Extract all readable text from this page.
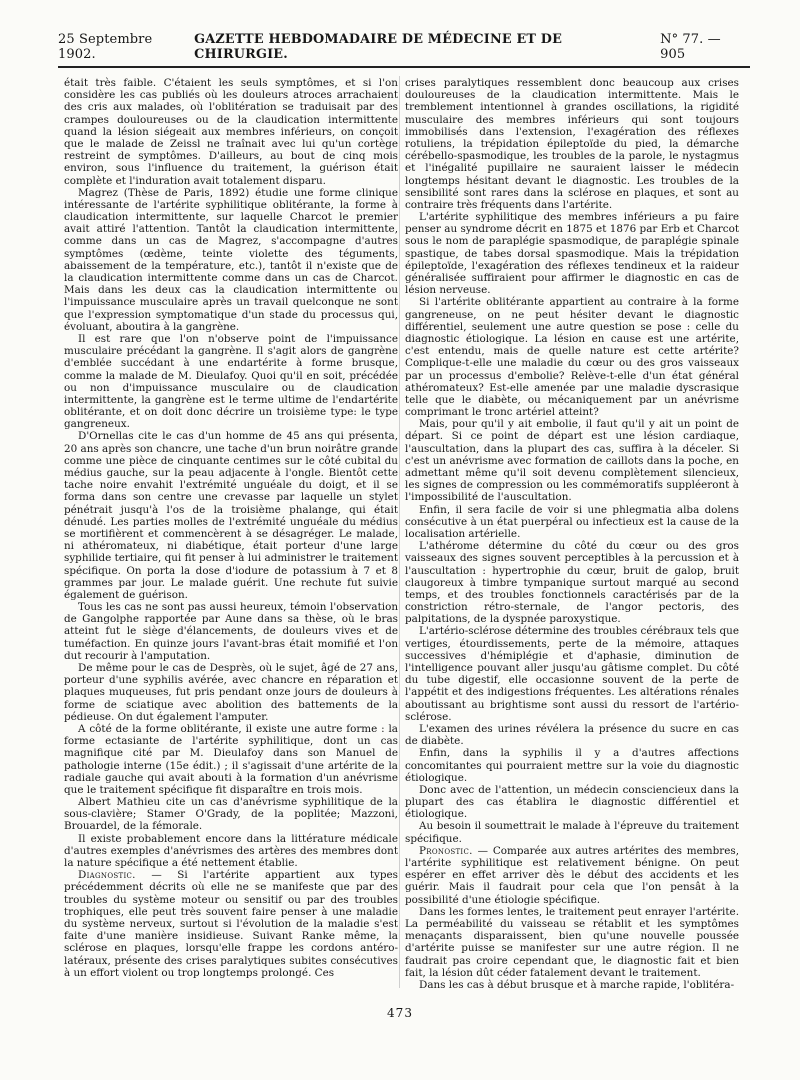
25 Septembre 1902.
GAZETTE HEBDOMADAIRE DE MÉDECINE ET DE CHIRURGIE.
N° 77. — 905

était très faible. C'étaient les seuls symptômes, et si l'on considère les cas publiés où les douleurs atroces arrachaient des cris aux malades, où l'oblitération se traduisait par des crampes douloureuses ou de la claudication intermittente quand la lésion siégeait aux membres inférieurs, on conçoit que le malade de Zeissl ne traînait avec lui qu'un cortège restreint de symptômes. D'ailleurs, au bout de cinq mois environ, sous l'influence du traitement, la guérison était complète et l'induration avait totalement disparu.

Magrez (Thèse de Paris, 1892) étudie une forme clinique intéressante de l'artérite syphilitique oblitérante, la forme à claudication intermittente, sur laquelle Charcot le premier avait attiré l'attention. Tantôt la claudication intermittente, comme dans un cas de Magrez, s'accompagne d'autres symptômes (œdème, teinte violette des téguments, abaissement de la température, etc.), tantôt il n'existe que de la claudication intermittente comme dans un cas de Charcot. Mais dans les deux cas la claudication intermittente ou l'impuissance musculaire après un travail quelconque ne sont que l'expression symptomatique d'un stade du processus qui, évoluant, aboutira à la gangrène.

Il est rare que l'on n'observe point de l'impuissance musculaire précédant la gangrène. Il s'agit alors de gangrène d'emblée succédant à une endartérite à forme brusque, comme la malade de M. Dieulafoy. Quoi qu'il en soit, précédée ou non d'impuissance musculaire ou de claudication intermittente, la gangrène est le terme ultime de l'endartérite oblitérante, et on doit donc décrire un troisième type: le type gangreneux.

D'Ornellas cite le cas d'un homme de 45 ans qui présenta, 20 ans après son chancre, une tache d'un brun noirâtre grande comme une pièce de cinquante centimes sur le côté cubital du médius gauche, sur la peau adjacente à l'ongle. Bientôt cette tache noire envahit l'extrémité unguéale du doigt, et il se forma dans son centre une crevasse par laquelle un stylet pénétrait jusqu'à l'os de la troisième phalange, qui était dénudé. Les parties molles de l'extrémité unguéale du médius se mortifièrent et commencèrent à se désagréger. Le malade, ni athéromateux, ni diabétique, était porteur d'une large syphilide tertiaire, qui fit penser à lui administrer le traitement spécifique. On porta la dose d'iodure de potassium à 7 et 8 grammes par jour. Le malade guérit. Une rechute fut suivie également de guérison.

Tous les cas ne sont pas aussi heureux, témoin l'observation de Gangolphe rapportée par Aune dans sa thèse, où le bras atteint fut le siège d'élancements, de douleurs vives et de tuméfaction. En quinze jours l'avant-bras était momifié et l'on dut recourir à l'amputation.

De même pour le cas de Desprès, où le sujet, âgé de 27 ans, porteur d'une syphilis avérée, avec chancre en réparation et plaques muqueuses, fut pris pendant onze jours de douleurs à forme de sciatique avec abolition des battements de la pédieuse. On dut également l'amputer.

A côté de la forme oblitérante, il existe une autre forme : la forme ectasiante de l'artérite syphilitique, dont un cas magnifique cité par M. Dieulafoy dans son Manuel de pathologie interne (15e édit.) ; il s'agissait d'une artérite de la radiale gauche qui avait abouti à la formation d'un anévrisme que le traitement spécifique fit disparaître en trois mois.

Albert Mathieu cite un cas d'anévrisme syphilitique de la sous-clavière; Stamer O'Grady, de la poplitée; Mazzoni, Brouardel, de la fémorale.

Il existe probablement encore dans la littérature médicale d'autres exemples d'anévrismes des artères des membres dont la nature spécifique a été nettement établie.

Diagnostic. — Si l'artérite appartient aux types précédemment décrits où elle ne se manifeste que par des troubles du système moteur ou sensitif ou par des troubles trophiques, elle peut très souvent faire penser à une maladie du système nerveux, surtout si l'évolution de la maladie s'est faite d'une manière insidieuse. Suivant Ranke même, la sclérose en plaques, lorsqu'elle frappe les cordons antéro-latéraux, présente des crises paralytiques subites consécutives à un effort violent ou trop longtemps prolongé. Ces

crises paralytiques ressemblent donc beaucoup aux crises douloureuses de la claudication intermittente. Mais le tremblement intentionnel à grandes oscillations, la rigidité musculaire des membres inférieurs qui sont toujours immobilisés dans l'extension, l'exagération des réflexes rotuliens, la trépidation épileptoïde du pied, la démarche cérébello-spasmodique, les troubles de la parole, le nystagmus et l'inégalité pupillaire ne sauraient laisser le médecin longtemps hésitant devant le diagnostic. Les troubles de la sensibilité sont rares dans la sclérose en plaques, et sont au contraire très fréquents dans l'artérite.

L'artérite syphilitique des membres inférieurs a pu faire penser au syndrome décrit en 1875 et 1876 par Erb et Charcot sous le nom de paraplégie spasmodique, de paraplégie spinale spastique, de tabes dorsal spasmodique. Mais la trépidation épileptoïde, l'exagération des réflexes tendineux et la raideur généralisée suffiraient pour affirmer le diagnostic en cas de lésion nerveuse.

Si l'artérite oblitérante appartient au contraire à la forme gangreneuse, on ne peut hésiter devant le diagnostic différentiel, seulement une autre question se pose : celle du diagnostic étiologique. La lésion en cause est une artérite, c'est entendu, mais de quelle nature est cette artérite? Complique-t-elle une maladie du cœur ou des gros vaisseaux par un processus d'embolie? Relève-t-elle d'un état général athéromateux? Est-elle amenée par une maladie dyscrasique telle que le diabète, ou mécaniquement par un anévrisme comprimant le tronc artériel atteint?

Mais, pour qu'il y ait embolie, il faut qu'il y ait un point de départ. Si ce point de départ est une lésion cardiaque, l'auscultation, dans la plupart des cas, suffira à la déceler. Si c'est un anévrisme avec formation de caillots dans la poche, en admettant même qu'il soit devenu complètement silencieux, les signes de compression ou les commémoratifs suppléeront à l'impossibilité de l'auscultation.

Enfin, il sera facile de voir si une phlegmatia alba dolens consécutive à un état puerpéral ou infectieux est la cause de la localisation artérielle.

L'athérome détermine du côté du cœur ou des gros vaisseaux des signes souvent perceptibles à la percussion et à l'auscultation : hypertrophie du cœur, bruit de galop, bruit claugoreux à timbre tympanique surtout marqué au second temps, et des troubles fonctionnels caractérisés par de la constriction rétro-sternale, de l'angor pectoris, des palpitations, de la dyspnée paroxystique.

L'artério-sclérose détermine des troubles cérébraux tels que vertiges, étourdissements, perte de la mémoire, attaques successives d'hémiplégie et d'aphasie, diminution de l'intelligence pouvant aller jusqu'au gâtisme complet. Du côté du tube digestif, elle occasionne souvent de la perte de l'appétit et des indigestions fréquentes. Les altérations rénales aboutissant au brightisme sont aussi du ressort de l'artério-sclérose.

L'examen des urines révélera la présence du sucre en cas de diabète.

Enfin, dans la syphilis il y a d'autres affections concomitantes qui pourraient mettre sur la voie du diagnostic étiologique.

Donc avec de l'attention, un médecin consciencieux dans la plupart des cas établira le diagnostic différentiel et étiologique.

Au besoin il soumettrait le malade à l'épreuve du traitement spécifique.

Pronostic. — Comparée aux autres artérites des membres, l'artérite syphilitique est relativement bénigne. On peut espérer en effet arriver dès le début des accidents et les guérir. Mais il faudrait pour cela que l'on pensât à la possibilité d'une étiologie spécifique.

Dans les formes lentes, le traitement peut enrayer l'artérite. La perméabilité du vaisseau se rétablit et les symptômes menaçants disparaissent, bien qu'une nouvelle poussée d'artérite puisse se manifester sur une autre région. Il ne faudrait pas croire cependant que, le diagnostic fait et bien fait, la lésion dût céder fatalement devant le traitement.

Dans les cas à début brusque et à marche rapide, l'oblitéra-

473
